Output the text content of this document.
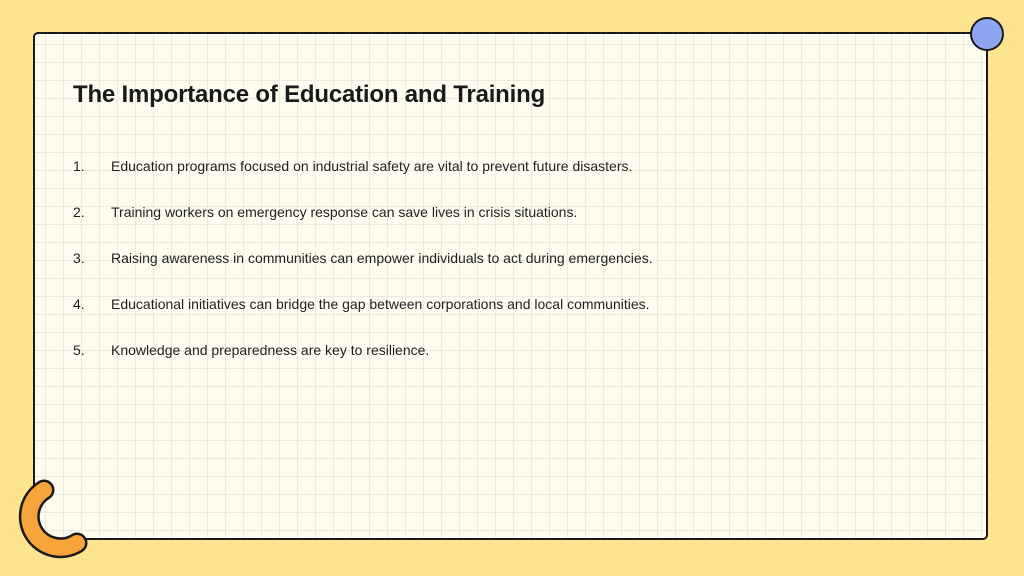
The Importance of Education and Training
1. Education programs focused on industrial safety are vital to prevent future disasters.
2. Training workers on emergency response can save lives in crisis situations.
3. Raising awareness in communities can empower individuals to act during emergencies.
4. Educational initiatives can bridge the gap between corporations and local communities.
5. Knowledge and preparedness are key to resilience.
